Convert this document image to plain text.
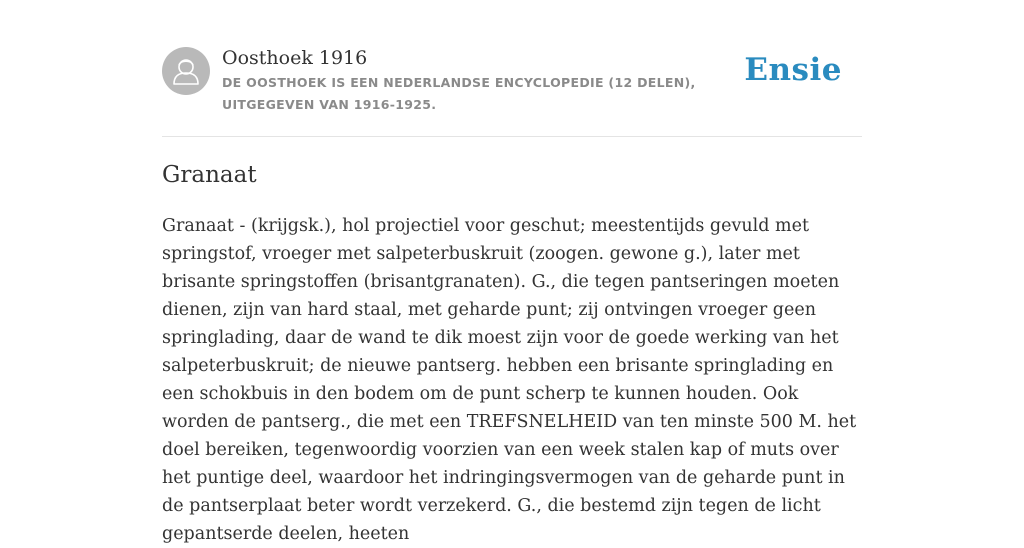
Oosthoek 1916

DE OOSTHOEK IS EEN NEDERLANDSE ENCYCLOPEDIE (12 DELEN), UITGEGEVEN VAN 1916-1925.

Ensie
Granaat

Granaat - (krijgsk.), hol projectiel voor geschut; meestentijds gevuld met springstof, vroeger met salpeterbuskruit (zoogen. gewone g.), later met brisante springstoffen (brisantgranaten). G., die tegen pantseringen moeten dienen, zijn van hard staal, met geharde punt; zij ontvingen vroeger geen springlading, daar de wand te dik moest zijn voor de goede werking van het salpeterbuskruit; de nieuwe pantserg. hebben een brisante springlading en een schokbuis in den bodem om de punt scherp te kunnen houden. Ook worden de pantserg., die met een TREFSNELHEID van ten minste 500 M. het doel bereiken, tegenwoordig voorzien van een week stalen kap of muts over het puntige deel, waardoor het indringingsvermogen van de geharde punt in de pantserplaat beter wordt verzekerd. G., die bestemd zijn tegen de licht gepantserde deelen, heeten
